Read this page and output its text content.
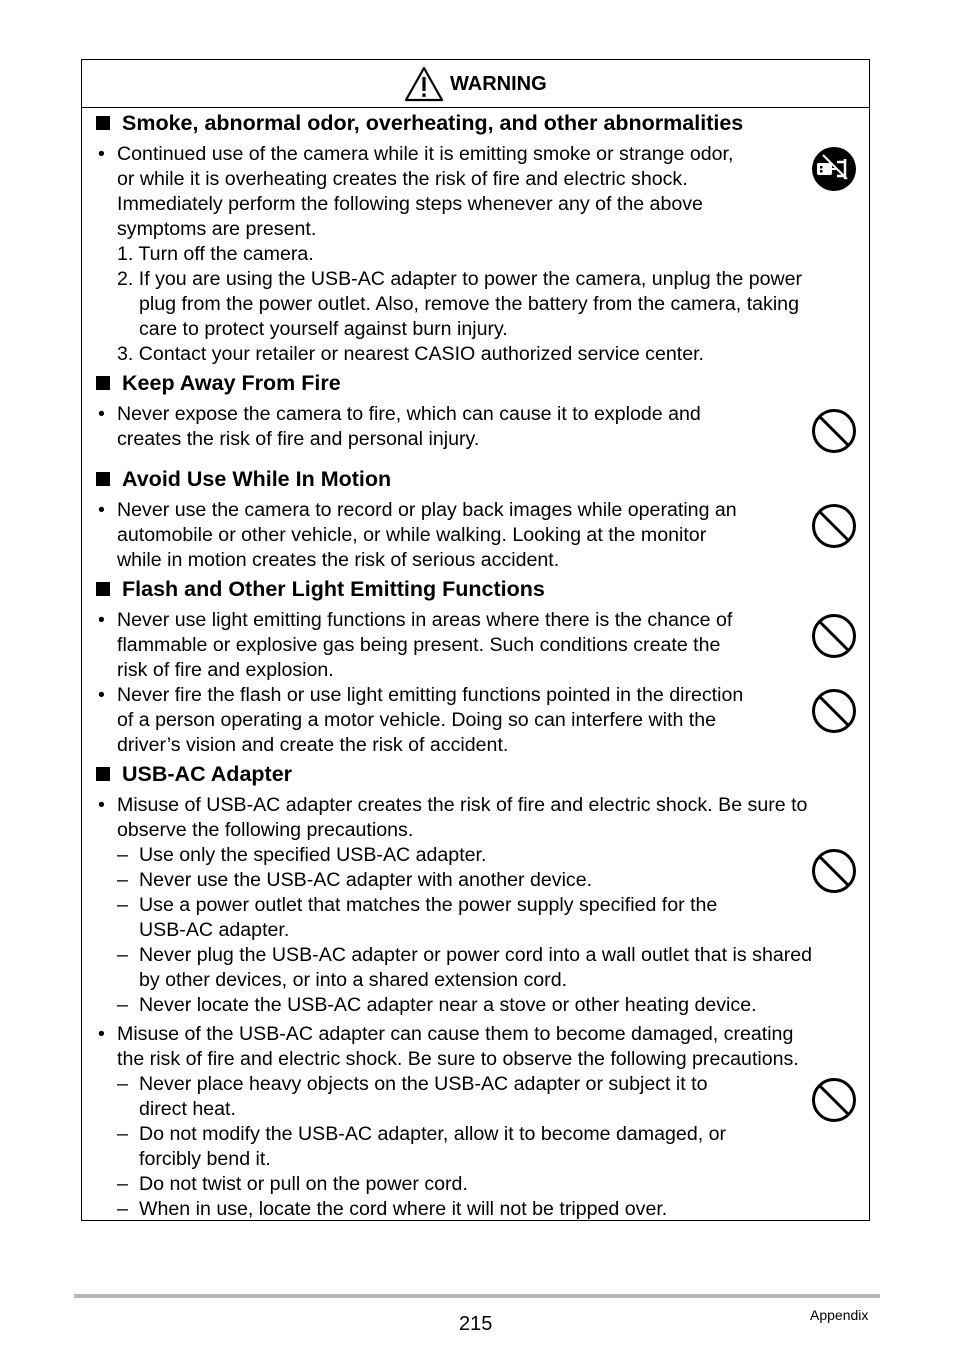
WARNING
Smoke, abnormal odor, overheating, and other abnormalities
• Continued use of the camera while it is emitting smoke or strange odor,
or while it is overheating creates the risk of fire and electric shock.
Immediately perform the following steps whenever any of the above
symptoms are present.
1. Turn off the camera.
2. If you are using the USB-AC adapter to power the camera, unplug the power
plug from the power outlet. Also, remove the battery from the camera, taking
care to protect yourself against burn injury.
3. Contact your retailer or nearest CASIO authorized service center.
Keep Away From Fire
• Never expose the camera to fire, which can cause it to explode and
creates the risk of fire and personal injury.
Avoid Use While In Motion
• Never use the camera to record or play back images while operating an
automobile or other vehicle, or while walking. Looking at the monitor
while in motion creates the risk of serious accident.
Flash and Other Light Emitting Functions
• Never use light emitting functions in areas where there is the chance of
flammable or explosive gas being present. Such conditions create the
risk of fire and explosion.
• Never fire the flash or use light emitting functions pointed in the direction
of a person operating a motor vehicle. Doing so can interfere with the
driver’s vision and create the risk of accident.
USB-AC Adapter
• Misuse of USB-AC adapter creates the risk of fire and electric shock. Be sure to
observe the following precautions.
– Use only the specified USB-AC adapter.
– Never use the USB-AC adapter with another device.
– Use a power outlet that matches the power supply specified for the
USB-AC adapter.
– Never plug the USB-AC adapter or power cord into a wall outlet that is shared
by other devices, or into a shared extension cord.
– Never locate the USB-AC adapter near a stove or other heating device.
• Misuse of the USB-AC adapter can cause them to become damaged, creating
the risk of fire and electric shock. Be sure to observe the following precautions.
– Never place heavy objects on the USB-AC adapter or subject it to
direct heat.
– Do not modify the USB-AC adapter, allow it to become damaged, or
forcibly bend it.
– Do not twist or pull on the power cord.
– When in use, locate the cord where it will not be tripped over.
215	Appendix
